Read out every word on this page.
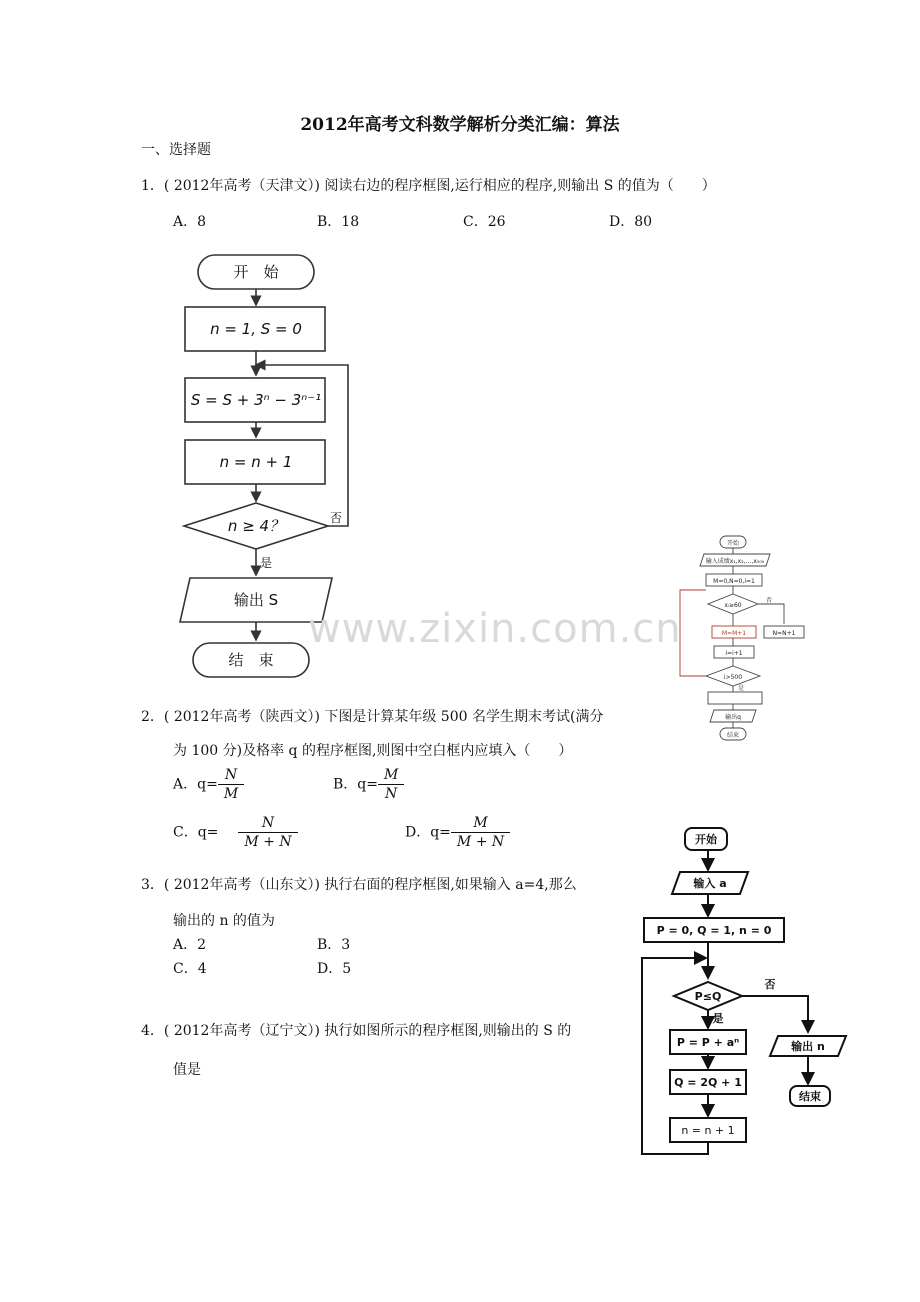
2012年高考文科数学解析分类汇编：算法
一、选择题
1．( 2012年高考（天津文）) 阅读右边的程序框图,运行相应的程序,则输出 S 的值为（　　）
A．8	B．18	C．26	D．80
开　始
n = 1, S = 0
S = S + 3ⁿ − 3ⁿ⁻¹
n = n + 1
n ≥ 4？
输出 S
结　束
否
是
www.zixin.com.cn
开始
输入成绩x₁,x₂,…,x₅₀₀
M=0,N=0,i=1
xᵢ≥60
M=M+1	N=N+1
i=i+1
i>500
输出q
结束
否
是
2．( 2012年高考（陕西文）) 下图是计算某年级 500 名学生期末考试(满分
为 100 分)及格率 q 的程序框图,则图中空白框内应填入（　　）
A．$q= \frac{N}{M}$	B．$q= \frac{M}{N}$
C．$q= \frac{N}{M + N}$	D．$q= \frac{M}{M + N}$
3．( 2012年高考（山东文）) 执行右面的程序框图,如果输入 a=4,那么
输出的 n 的值为
A．2	B．3
C．4	D．5
4．( 2012年高考（辽宁文）) 执行如图所示的程序框图,则输出的 S 的
值是
开始
输入 a
P = 0, Q = 1, n = 0
P≤Q
P = P + aⁿ
Q = 2Q + 1
n = n + 1
输出 n
结束
否
是
